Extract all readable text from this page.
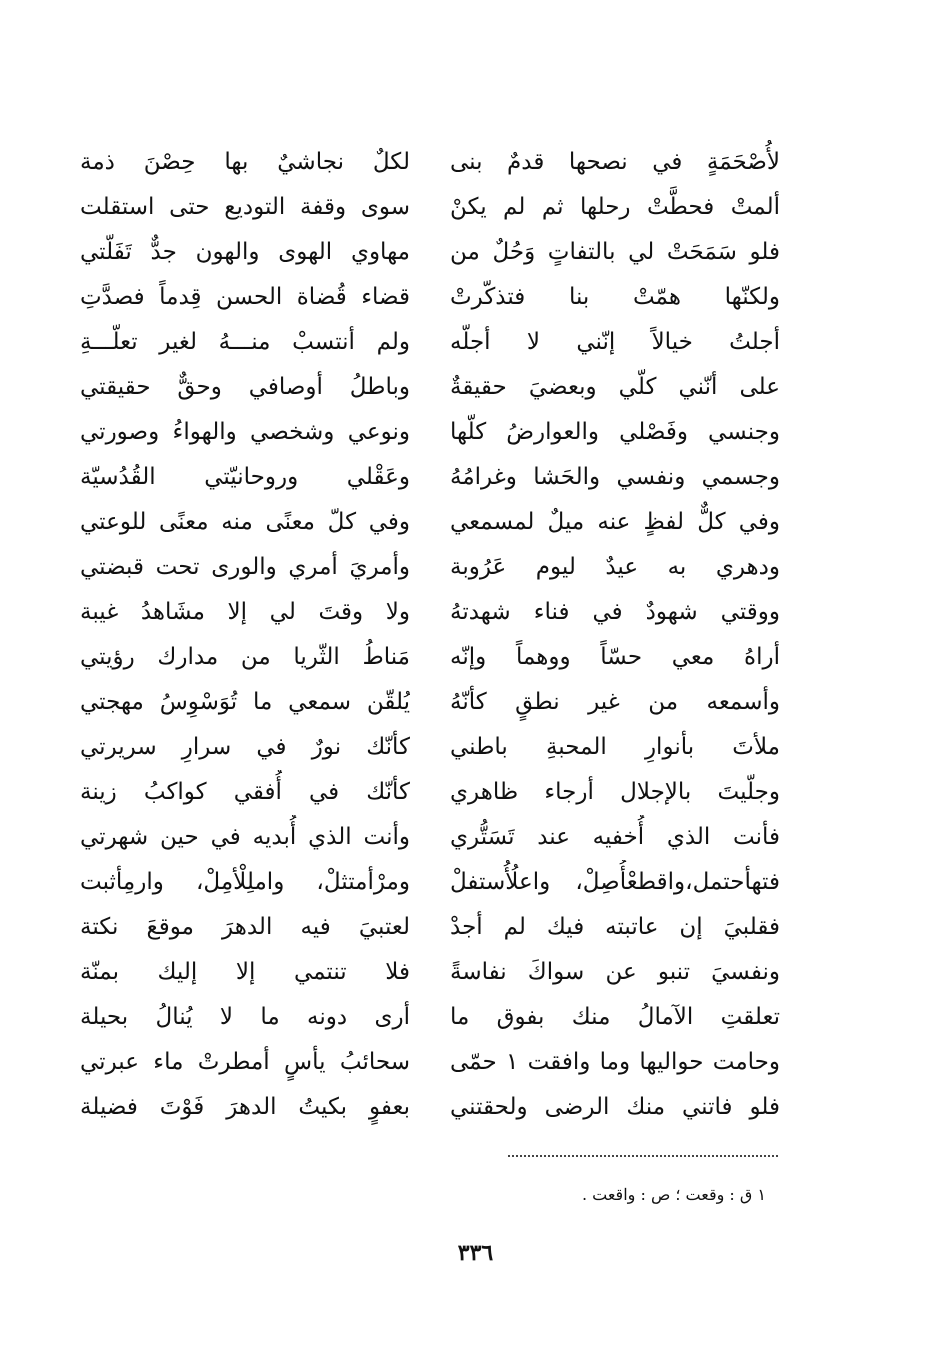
لأُصْحَمَةٍ في نصحها قدمٌ بنى
لكلٌ نجاشيٌ بها حِصْنَ ذمة
ألمتْ فحطَّتْ رحلها ثم لم يكنْ
سوى وقفة التوديع حتى استقلت
فلو سَمَحَتْ لي بالتفاتٍ وَحُلٌ من
مهاوي الهوى والهون جدٌّ تَفَلّتي
ولكنّها همّتْ بنا فتذكّرتْ
قضاء قُضاة الحسن قِدماً فصدَّتِ
أجلتُ خيالاً إنّني لا أجلّه
ولم أنتسبْ منـــهُ لغير تعلّـــةِ
على أنّني كلّي وبعضيَ حقيقةٌ
وباطلُ أوصافي وحقٌّ حقيقتي
وجنسي وفَصْلي والعوارضُ كلّها
ونوعي وشخصي والهواءُ وصورتي
وجسمي ونفسي والحَشا وغرامُهُ
وعَقْلي وروحانيّتي القُدُسيّة
وفي كلٌّ لفظٍ عنه ميلٌ لمسمعي
وفي كلّ معنًى منه معنًى للوعتي
ودهري به عيدٌ ليوم عَرُوبة
وأمريَ أمري والورى تحت قبضتي
ووقتي شهودٌ في فناء شهدتهُ
ولا وقتَ لي إلا مشَاهدُ غيبة
أراهُ معي حسّاً ووهماً وإنّه
مَناطُ الثّريا من مدارك رؤيتي
وأسمعه من غير نطقٍ كأنّهُ
يُلقّن سمعي ما تُوَسْوِسُ مهجتي
ملأتَ بأنوارِ المحبةِ باطني
كأنّك نورٌ في سرارِ سريرتي
وجلّيتَ بالإجلال أرجاء ظاهري
كأنّك في أُفقي كواكبُ زينة
فأنت الذي أُخفيه عند تَسَتُّري
وأنت الذي أُبديه في حين شهرتي
فتهأحتمل،واقطعْأُصِلْ، واعلُأُستفلْ
ومرْأمتثلْ، واملِلْأمِلْ، وارمِأثبت
فقلبيَ إن عاتبته فيك لم أجدْ
لعتبيَ فيه الدهرَ موقعَ نكتة
ونفسيَ تنبو عن سواكَ نفاسةً
فلا تنتمي إلا إليك بمنّة
تعلقتِ الآمالُ منك بفوق ما
أرى دونه ما لا يُنالُ بحيلة
وحامت حواليها وما وافقت ١ حمّى
سحائبُ يأسٍ أمطرتْ ماء عبرتي
فلو فاتني منك الرضى ولحقتني
بعفوٍ بكيتُ الدهرَ فَوْتَ فضيلة
١ ق : وقعت ؛ ص : واقعت .
٣٣٦
